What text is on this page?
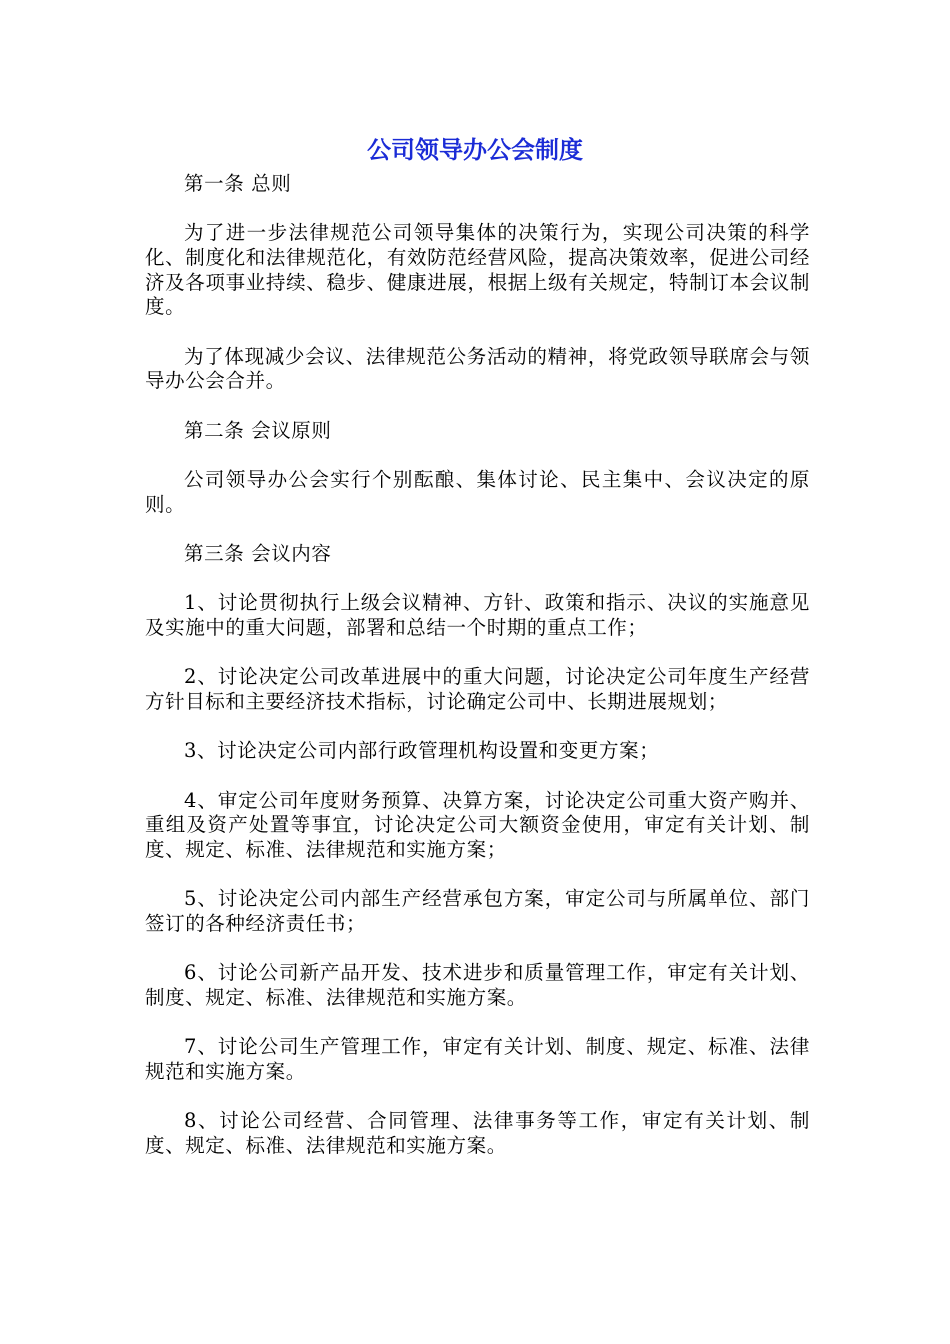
公司领导办公会制度

第一条 总则

为了进一步法律规范公司领导集体的决策行为，实现公司决策的科学化、制度化和法律规范化，有效防范经营风险，提高决策效率，促进公司经济及各项事业持续、稳步、健康进展，根据上级有关规定，特制订本会议制度。

为了体现减少会议、法律规范公务活动的精神，将党政领导联席会与领导办公会合并。

第二条 会议原则

公司领导办公会实行个别酝酿、集体讨论、民主集中、会议决定的原则。

第三条 会议内容

1、讨论贯彻执行上级会议精神、方针、政策和指示、决议的实施意见及实施中的重大问题，部署和总结一个时期的重点工作；

2、讨论决定公司改革进展中的重大问题，讨论决定公司年度生产经营方针目标和主要经济技术指标，讨论确定公司中、长期进展规划；

3、讨论决定公司内部行政管理机构设置和变更方案；

4、审定公司年度财务预算、决算方案，讨论决定公司重大资产购并、重组及资产处置等事宜，讨论决定公司大额资金使用，审定有关计划、制度、规定、标准、法律规范和实施方案；

5、讨论决定公司内部生产经营承包方案，审定公司与所属单位、部门签订的各种经济责任书；

6、讨论公司新产品开发、技术进步和质量管理工作，审定有关计划、制度、规定、标准、法律规范和实施方案。

7、讨论公司生产管理工作，审定有关计划、制度、规定、标准、法律规范和实施方案。

8、讨论公司经营、合同管理、法律事务等工作，审定有关计划、制度、规定、标准、法律规范和实施方案。
